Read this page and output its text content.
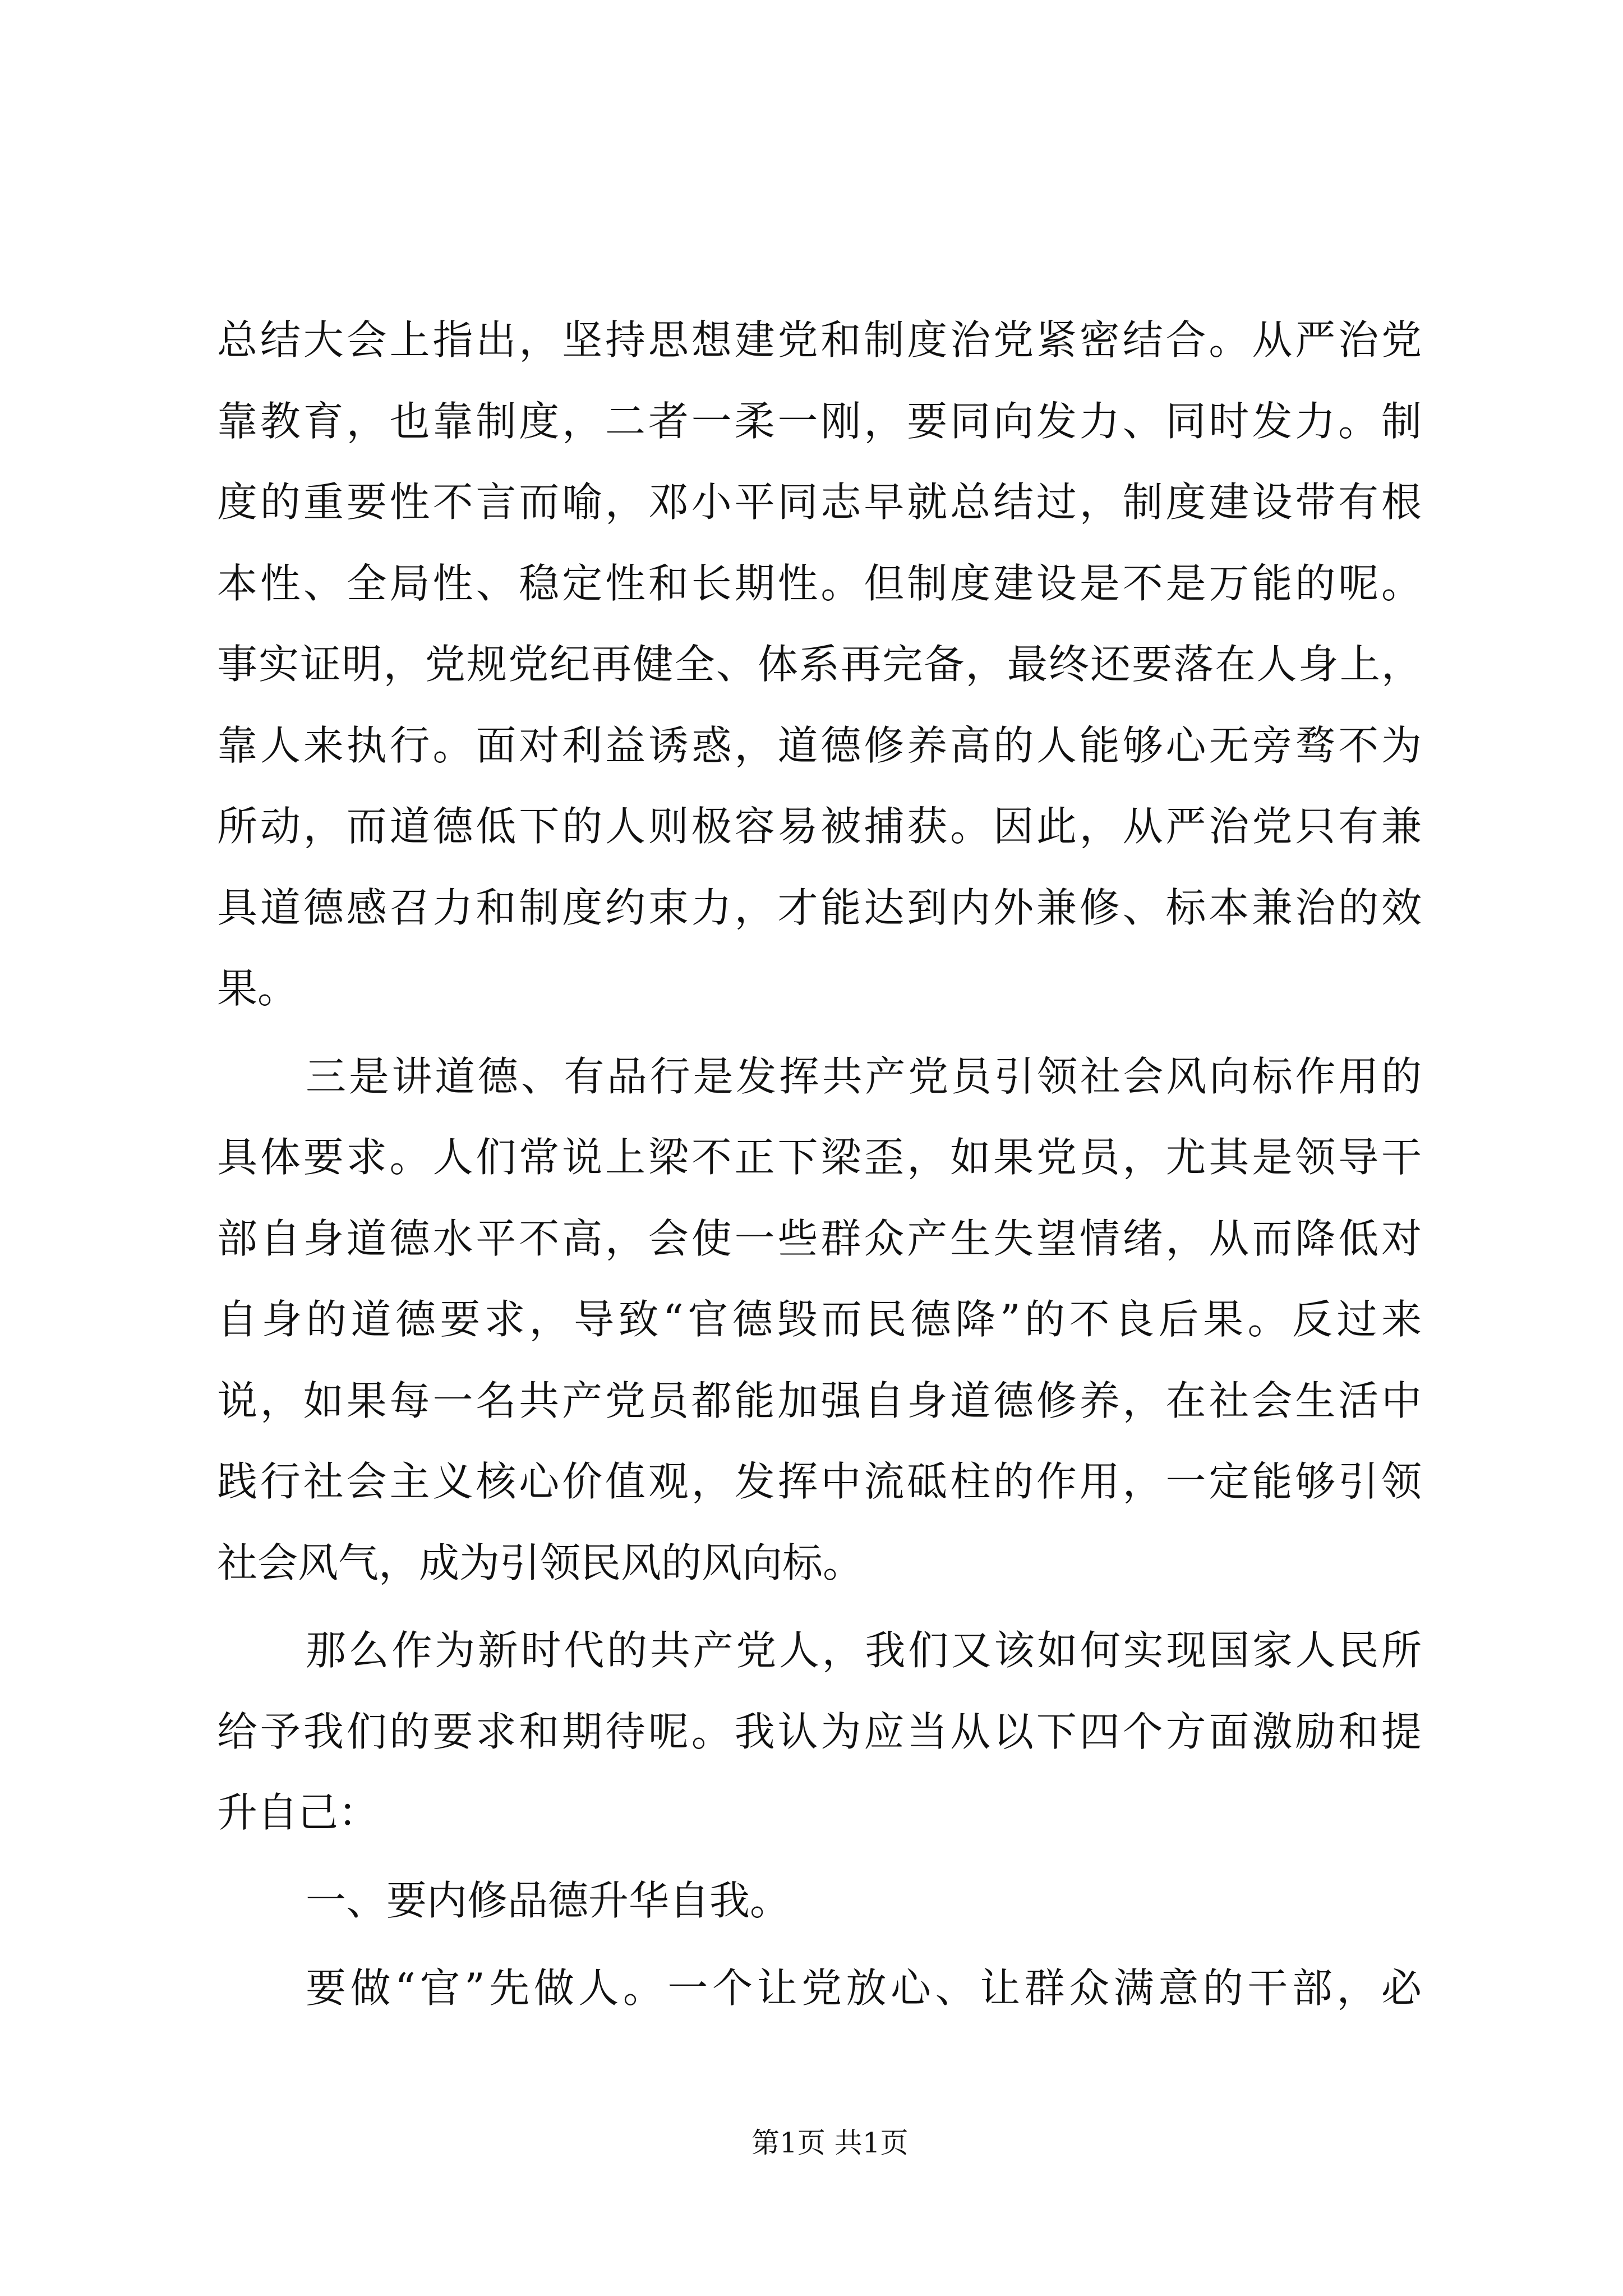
总结大会上指出，坚持思想建党和制度治党紧密结合。从严治党
靠教育，也靠制度，二者一柔一刚，要同向发力、同时发力。制
度的重要性不言而喻，邓小平同志早就总结过，制度建设带有根
本性、全局性、稳定性和长期性。但制度建设是不是万能的呢。
事实证明，党规党纪再健全、体系再完备，最终还要落在人身上，
靠人来执行。面对利益诱惑，道德修养高的人能够心无旁骛不为
所动，而道德低下的人则极容易被捕获。因此，从严治党只有兼
具道德感召力和制度约束力，才能达到内外兼修、标本兼治的效
果。
三是讲道德、有品行是发挥共产党员引领社会风向标作用的
具体要求。人们常说上梁不正下梁歪，如果党员，尤其是领导干
部自身道德水平不高，会使一些群众产生失望情绪，从而降低对
自身的道德要求，导致“官德毁而民德降”的不良后果。反过来
说，如果每一名共产党员都能加强自身道德修养，在社会生活中
践行社会主义核心价值观，发挥中流砥柱的作用，一定能够引领
社会风气，成为引领民风的风向标。
那么作为新时代的共产党人，我们又该如何实现国家人民所
给予我们的要求和期待呢。我认为应当从以下四个方面激励和提
升自己：
一、要内修品德升华自我。
要做“官”先做人。一个让党放心、让群众满意的干部，必
第1页 共1页
